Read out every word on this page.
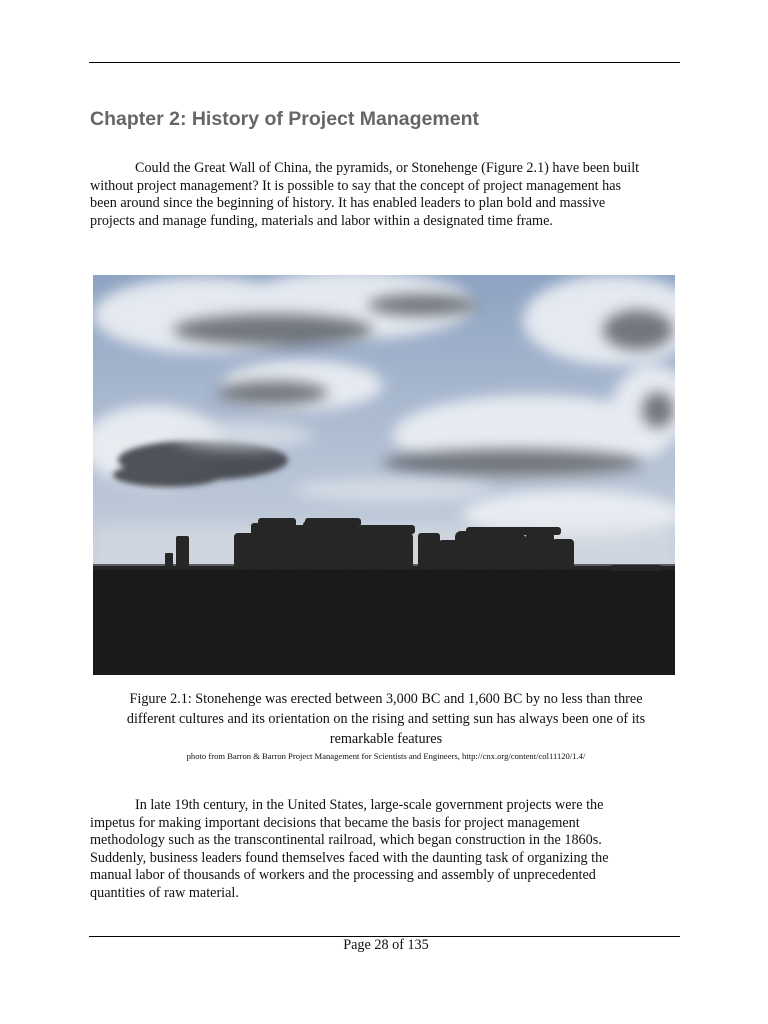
Chapter 2: History of Project Management

Could the Great Wall of China, the pyramids, or Stonehenge (Figure 2.1) have been built
without project management? It is possible to say that the concept of project management has
been around since the beginning of history. It has enabled leaders to plan bold and massive
projects and manage funding, materials and labor within a designated time frame.

Figure 2.1: Stonehenge was erected between 3,000 BC and 1,600 BC by no less than three
different cultures and its orientation on the rising and setting sun has always been one of its
remarkable features

photo from Barron & Barron Project Management for Scientists and Engineers, http://cnx.org/content/col11120/1.4/

In late 19th century, in the United States, large-scale government projects were the
impetus for making important decisions that became the basis for project management
methodology such as the transcontinental railroad, which began construction in the 1860s.
Suddenly, business leaders found themselves faced with the daunting task of organizing the
manual labor of thousands of workers and the processing and assembly of unprecedented
quantities of raw material.

Page 28 of 135
